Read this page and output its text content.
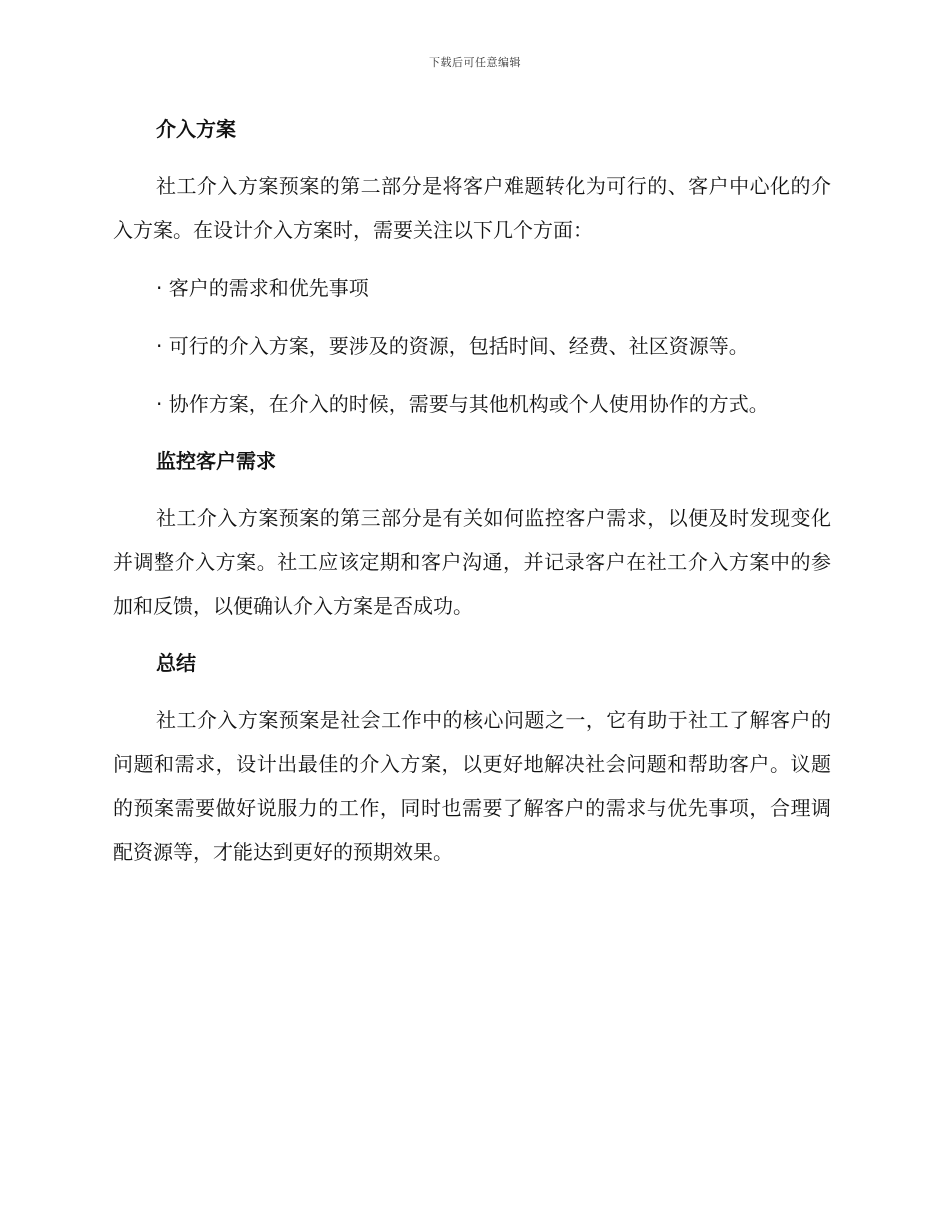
下载后可任意编辑
介入方案

社工介入方案预案的第二部分是将客户难题转化为可行的、客户中心化的介入方案。在设计介入方案时，需要关注以下几个方面：

· 客户的需求和优先事项

· 可行的介入方案，要涉及的资源，包括时间、经费、社区资源等。

· 协作方案，在介入的时候，需要与其他机构或个人使用协作的方式。

监控客户需求

社工介入方案预案的第三部分是有关如何监控客户需求，以便及时发现变化并调整介入方案。社工应该定期和客户沟通，并记录客户在社工介入方案中的参加和反馈，以便确认介入方案是否成功。

总结

社工介入方案预案是社会工作中的核心问题之一，它有助于社工了解客户的问题和需求，设计出最佳的介入方案，以更好地解决社会问题和帮助客户。议题的预案需要做好说服力的工作，同时也需要了解客户的需求与优先事项，合理调配资源等，才能达到更好的预期效果。
